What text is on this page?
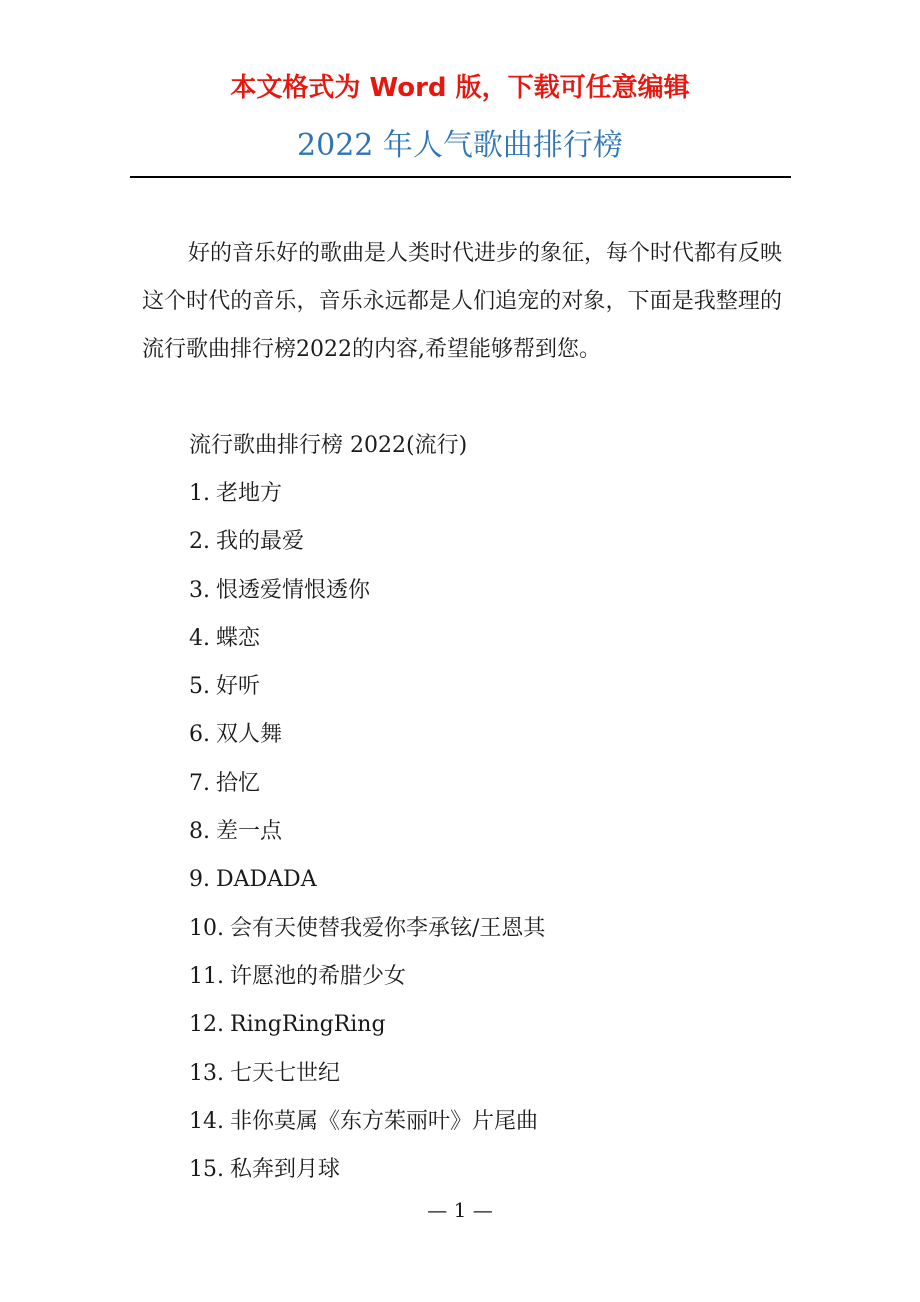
本文格式为 Word 版，下载可任意编辑
2022 年人气歌曲排行榜

好的音乐好的歌曲是人类时代进步的象征，每个时代都有反映这个时代的音乐，音乐永远都是人们追宠的对象，下面是我整理的流行歌曲排行榜2022的内容,希望能够帮到您。

流行歌曲排行榜 2022(流行)
1. 老地方
2. 我的最爱
3. 恨透爱情恨透你
4. 蝶恋
5. 好听
6. 双人舞
7. 拾忆
8. 差一点
9. DADADA
10. 会有天使替我爱你李承铉/王恩其
11. 许愿池的希腊少女
12. RingRingRing
13. 七天七世纪
14. 非你莫属《东方茱丽叶》片尾曲
15. 私奔到月球
— 1 —
